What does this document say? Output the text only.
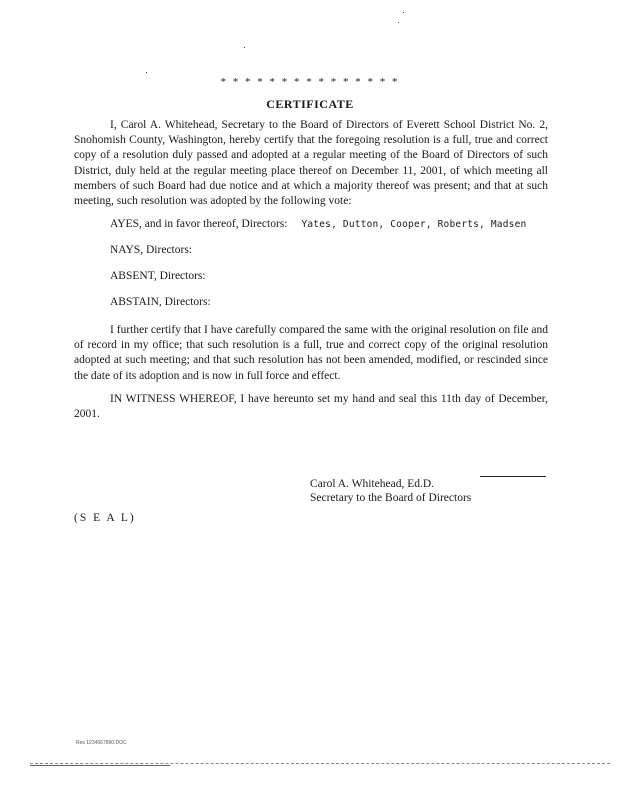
* * * * * * * * * * * * * * *
CERTIFICATE

I, Carol A. Whitehead, Secretary to the Board of Directors of Everett School District No. 2, Snohomish County, Washington, hereby certify that the foregoing resolution is a full, true and correct copy of a resolution duly passed and adopted at a regular meeting of the Board of Directors of such District, duly held at the regular meeting place thereof on December 11, 2001, of which meeting all members of such Board had due notice and at which a majority thereof was present; and that at such meeting, such resolution was adopted by the following vote:

AYES, and in favor thereof, Directors: Yates, Dutton, Cooper, Roberts, Madsen
NAYS, Directors:
ABSENT, Directors:
ABSTAIN, Directors:

I further certify that I have carefully compared the same with the original resolution on file and of record in my office; that such resolution is a full, true and correct copy of the original resolution adopted at such meeting; and that such resolution has not been amended, modified, or rescinded since the date of its adoption and is now in full force and effect.

IN WITNESS WHEREOF, I have hereunto set my hand and seal this 11th day of December, 2001.

Carol A. Whitehead, Ed.D.
Secretary to the Board of Directors
(S E A L)
Res 1234567890.DOC
